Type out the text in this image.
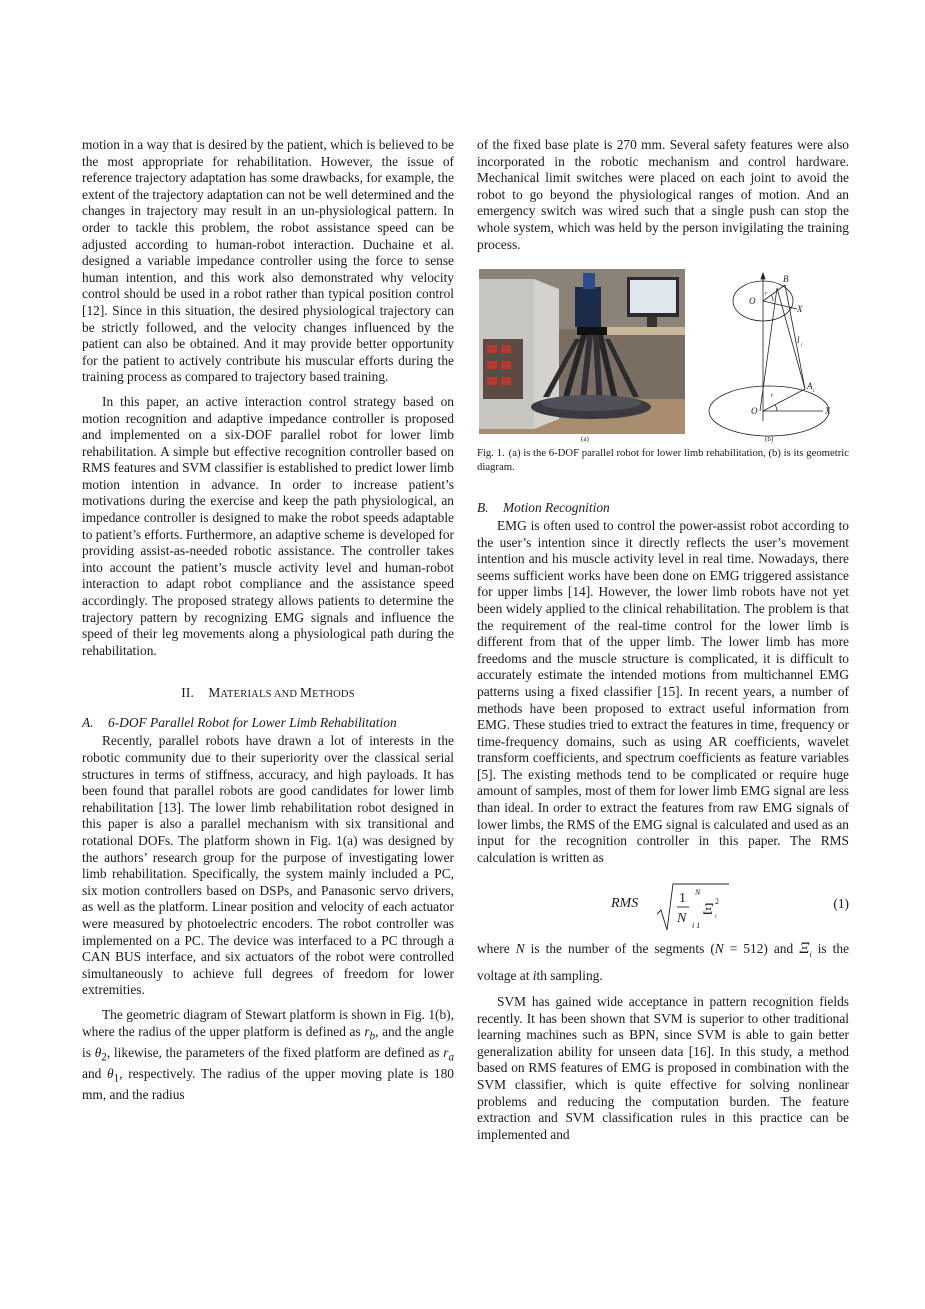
motion in a way that is desired by the patient, which is believed to be the most appropriate for rehabilitation. However, the issue of reference trajectory adaptation has some drawbacks, for example, the extent of the trajectory adaptation can not be well determined and the changes in trajectory may result in an un-physiological pattern. In order to tackle this problem, the robot assistance speed can be adjusted according to human-robot interaction. Duchaine et al. designed a variable impedance controller using the force to sense human intention, and this work also demonstrated why velocity control should be used in a robot rather than typical position control [12]. Since in this situation, the desired physiological trajectory can be strictly followed, and the velocity changes influenced by the patient can also be obtained. And it may provide better opportunity for the patient to actively contribute his muscular efforts during the training process as compared to trajectory based training.

In this paper, an active interaction control strategy based on motion recognition and adaptive impedance controller is proposed and implemented on a six-DOF parallel robot for lower limb rehabilitation. A simple but effective recognition controller based on RMS features and SVM classifier is established to predict lower limb motion intention in advance. In order to increase patient’s motivations during the exercise and keep the path physiological, an impedance controller is designed to make the robot speeds adaptable to patient’s efforts. Furthermore, an adaptive scheme is developed for providing assist-as-needed robotic assistance. The controller takes into account the patient’s muscle activity level and human-robot interaction to adapt robot compliance and the assistance speed accordingly. The proposed strategy allows patients to determine the trajectory pattern by recognizing EMG signals and influence the speed of their leg movements along a physiological path during the rehabilitation.

II. MATERIALS AND METHODS
A. 6-DOF Parallel Robot for Lower Limb Rehabilitation

Recently, parallel robots have drawn a lot of interests in the robotic community due to their superiority over the classical serial structures in terms of stiffness, accuracy, and high payloads. It has been found that parallel robots are good candidates for lower limb rehabilitation [13]. The lower limb rehabilitation robot designed in this paper is also a parallel mechanism with six transitional and rotational DOFs. The platform shown in Fig. 1(a) was designed by the authors’ research group for the purpose of investigating lower limb rehabilitation. Specifically, the system mainly included a PC, six motion controllers based on DSPs, and Panasonic servo drivers, as well as the platform. Linear position and velocity of each actuator were measured by photoelectric encoders. The robot controller was implemented on a PC. The device was interfaced to a PC through a CAN BUS interface, and six actuators of the robot were controlled simultaneously to achieve full degrees of freedom for lower extremities.

The geometric diagram of Stewart platform is shown in Fig. 1(b), where the radius of the upper platform is defined as $r_b$, and the angle is $\theta_2$, likewise, the parameters of the fixed platform are defined as $r_a$ and $\theta_1$, respectively. The radius of the upper moving plate is 180 mm, and the radius

of the fixed base plate is 270 mm. Several safety features were also incorporated in the robotic mechanism and control hardware. Mechanical limit switches were placed on each joint to avoid the robot to go beyond the physiological ranges of motion. And an emergency switch was wired such that a single push can stop the whole system, which was held by the person invigilating the training process.

(a)
B
O
X
l
i
A
i
O	X
r
r
(b)

Fig. 1. (a) is the 6-DOF parallel robot for lower limb rehabilitation, (b) is its geometric diagram.

B. Motion Recognition

EMG is often used to control the power-assist robot according to the user’s intention since it directly reflects the user’s movement intention and his muscle activity level in real time. Nowadays, there seems sufficient works have been done on EMG triggered assistance for upper limbs [14]. However, the lower limb robots have not yet been widely applied to the clinical rehabilitation. The problem is that the requirement of the real-time control for the lower limb is different from that of the upper limb. The lower limb has more freedoms and the muscle structure is complicated, it is difficult to accurately estimate the intended motions from multichannel EMG patterns using a fixed classifier [15]. In recent years, a number of methods have been proposed to extract useful information from EMG. These studies tried to extract the features in time, frequency or time-frequency domains, such as using AR coefficients, wavelet transform coefficients, and spectrum coefficients as feature variables [5]. The existing methods tend to be complicated or require huge amount of samples, most of them for lower limb EMG signal are less than ideal. In order to extract the features from raw EMG signals of lower limbs, the RMS of the EMG signal is calculated and used as an input for the recognition controller in this paper. The RMS calculation is written as

RMS	1
N
N
i 1
Ξ 2
i
(1)

where N is the number of the segments (N = 512) and $\Xi_i$ is the voltage at ith sampling.

SVM has gained wide acceptance in pattern recognition fields recently. It has been shown that SVM is superior to other traditional learning machines such as BPN, since SVM is able to gain better generalization ability for unseen data [16]. In this study, a method based on RMS features of EMG is proposed in combination with the SVM classifier, which is quite effective for solving nonlinear problems and reducing the computation burden. The feature extraction and SVM classification rules in this practice can be implemented and
